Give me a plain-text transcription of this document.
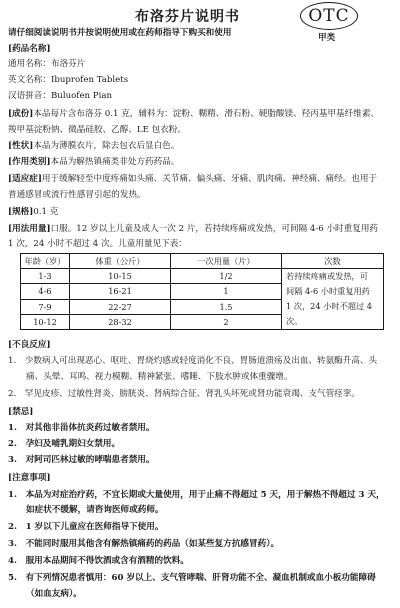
布洛芬片说明书	OTC
甲类
请仔细阅读说明书并按说明使用或在药师指导下购买和使用
[药品名称]
通用名称：布洛芬片
英文名称：Ibuprofen Tablets
汉语拼音：Buluofen Pian
[成份]本品每片含布洛芬 0.1 克，辅料为：淀粉、糊精、滑石粉、硬脂酸镁、羟丙基甲基纤维素、
羧甲基淀粉钠、微晶硅胶、乙醇、LE 包衣粉。
[性状]本品为薄膜衣片，除去包衣后显白色。
[作用类别]本品为解热镇痛类非处方药药品。
[适应症]用于缓解轻至中度疼痛如头痛、关节痛、偏头痛、牙痛、肌肉痛、神经痛、痛经。也用于
普通感冒或流行性感冒引起的发热。
[规格]0.1 克
[用法用量]口服。12 岁以上儿童及成人一次 2 片，若持续疼痛或发热，可间隔 4-6 小时重复用药
1 次，24 小时不超过 4 次。儿童用量见下表：
年龄（岁）	体重（公斤）	一次用量（片）	次数
1-3	10-15	1/2	若持续疼痛或发热，可间隔 4-6 小时重复用药 1 次，24 小时不超过 4 次。

4-6	16-21	1	
7-9	22-27	1.5	
10-12	28-32	2	
[不良反应]
1.　少数病人可出现恶心、呕吐、胃烧灼感或轻度消化不良、胃肠道溃疡及出血、转氨酶升高、头
痛、头晕、耳鸣、视力模糊、精神紧张、嗜睡、下肢水肿或体重骤增。
2.　罕见皮疹、过敏性肾炎、膀胱炎、肾病综合征、肾乳头坏死或肾功能衰竭、支气管痉挛。
[禁忌]
1.　对其他非甾体抗炎药过敏者禁用。
2.　孕妇及哺乳期妇女禁用。
3.　对阿司匹林过敏的哮喘患者禁用。
[注意事项]
1.　本品为对症治疗药，不宜长期或大量使用，用于止痛不得超过 5 天，用于解热不得超过 3 天，
如症状不缓解，请咨询医师或药师。
2.　1 岁以下儿童应在医师指导下使用。
3.　不能同时服用其他含有解热镇痛药的药品（如某些复方抗感冒药）。
4.　服用本品期间不得饮酒或含有酒精的饮料。
5.　有下列情况患者慎用：60 岁以上、支气管哮喘、肝肾功能不全、凝血机制或血小板功能障碍
（如血友病）。
